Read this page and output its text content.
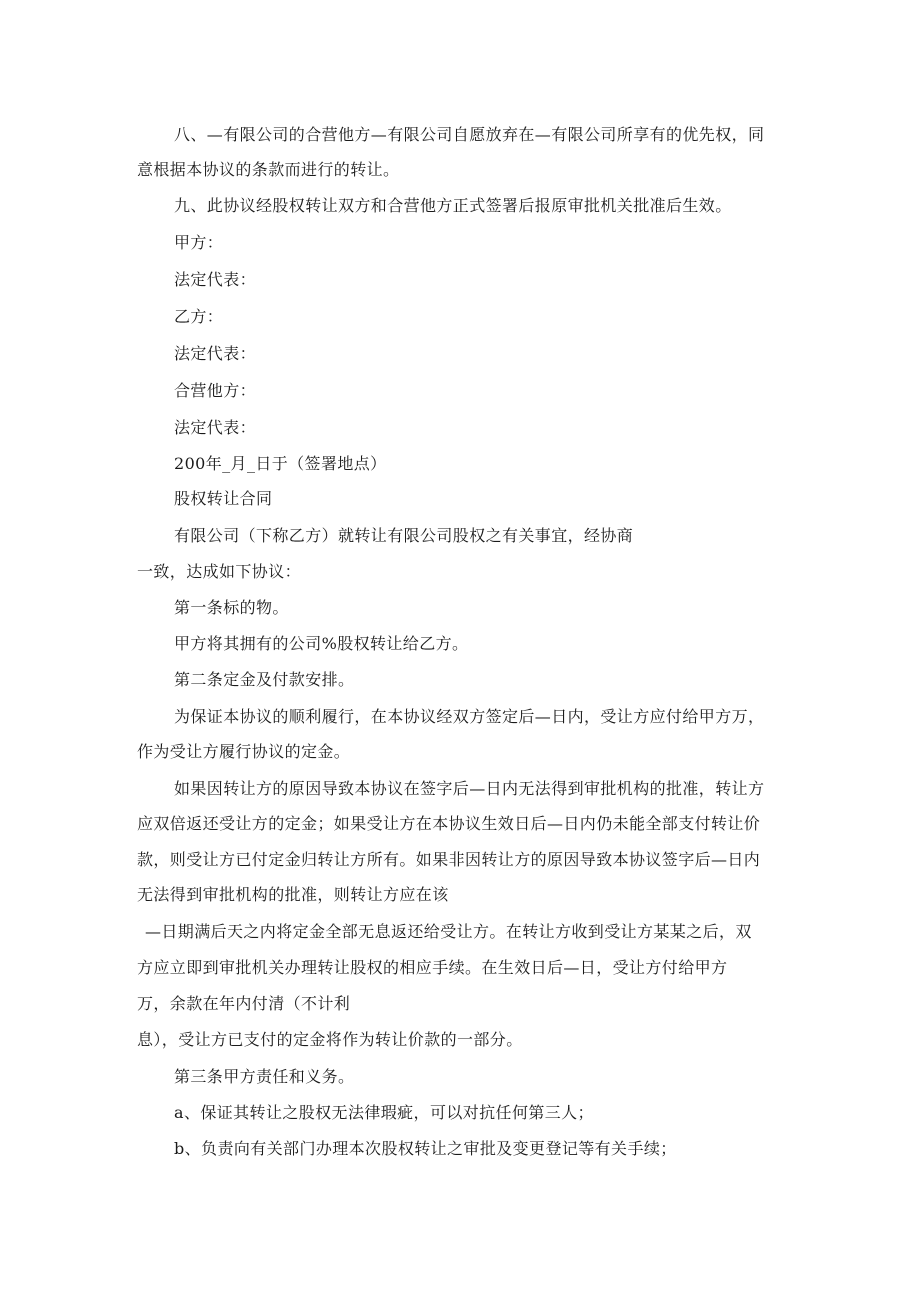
八、—有限公司的合营他方—有限公司自愿放弃在—有限公司所享有的优先权，同
意根据本协议的条款而进行的转让。
九、此协议经股权转让双方和合营他方正式签署后报原审批机关批准后生效。
甲方：
法定代表：
乙方：
法定代表：
合营他方：
法定代表：
200年_月_日于（签署地点）
股权转让合同
有限公司（下称乙方）就转让有限公司股权之有关事宜，经协商
一致，达成如下协议：
第一条标的物。
甲方将其拥有的公司%股权转让给乙方。
第二条定金及付款安排。
为保证本协议的顺利履行，在本协议经双方签定后—日内，受让方应付给甲方万，
作为受让方履行协议的定金。
如果因转让方的原因导致本协议在签字后—日内无法得到审批机构的批准，转让方
应双倍返还受让方的定金；如果受让方在本协议生效日后—日内仍未能全部支付转让价
款，则受让方已付定金归转让方所有。如果非因转让方的原因导致本协议签字后—日内
无法得到审批机构的批准，则转让方应在该
—日期满后天之内将定金全部无息返还给受让方。在转让方收到受让方某某之后，双
方应立即到审批机关办理转让股权的相应手续。在生效日后—日，受让方付给甲方
万，余款在年内付清（不计利
息），受让方已支付的定金将作为转让价款的一部分。
第三条甲方责任和义务。
a、保证其转让之股权无法律瑕疵，可以对抗任何第三人；
b、负责向有关部门办理本次股权转让之审批及变更登记等有关手续；
